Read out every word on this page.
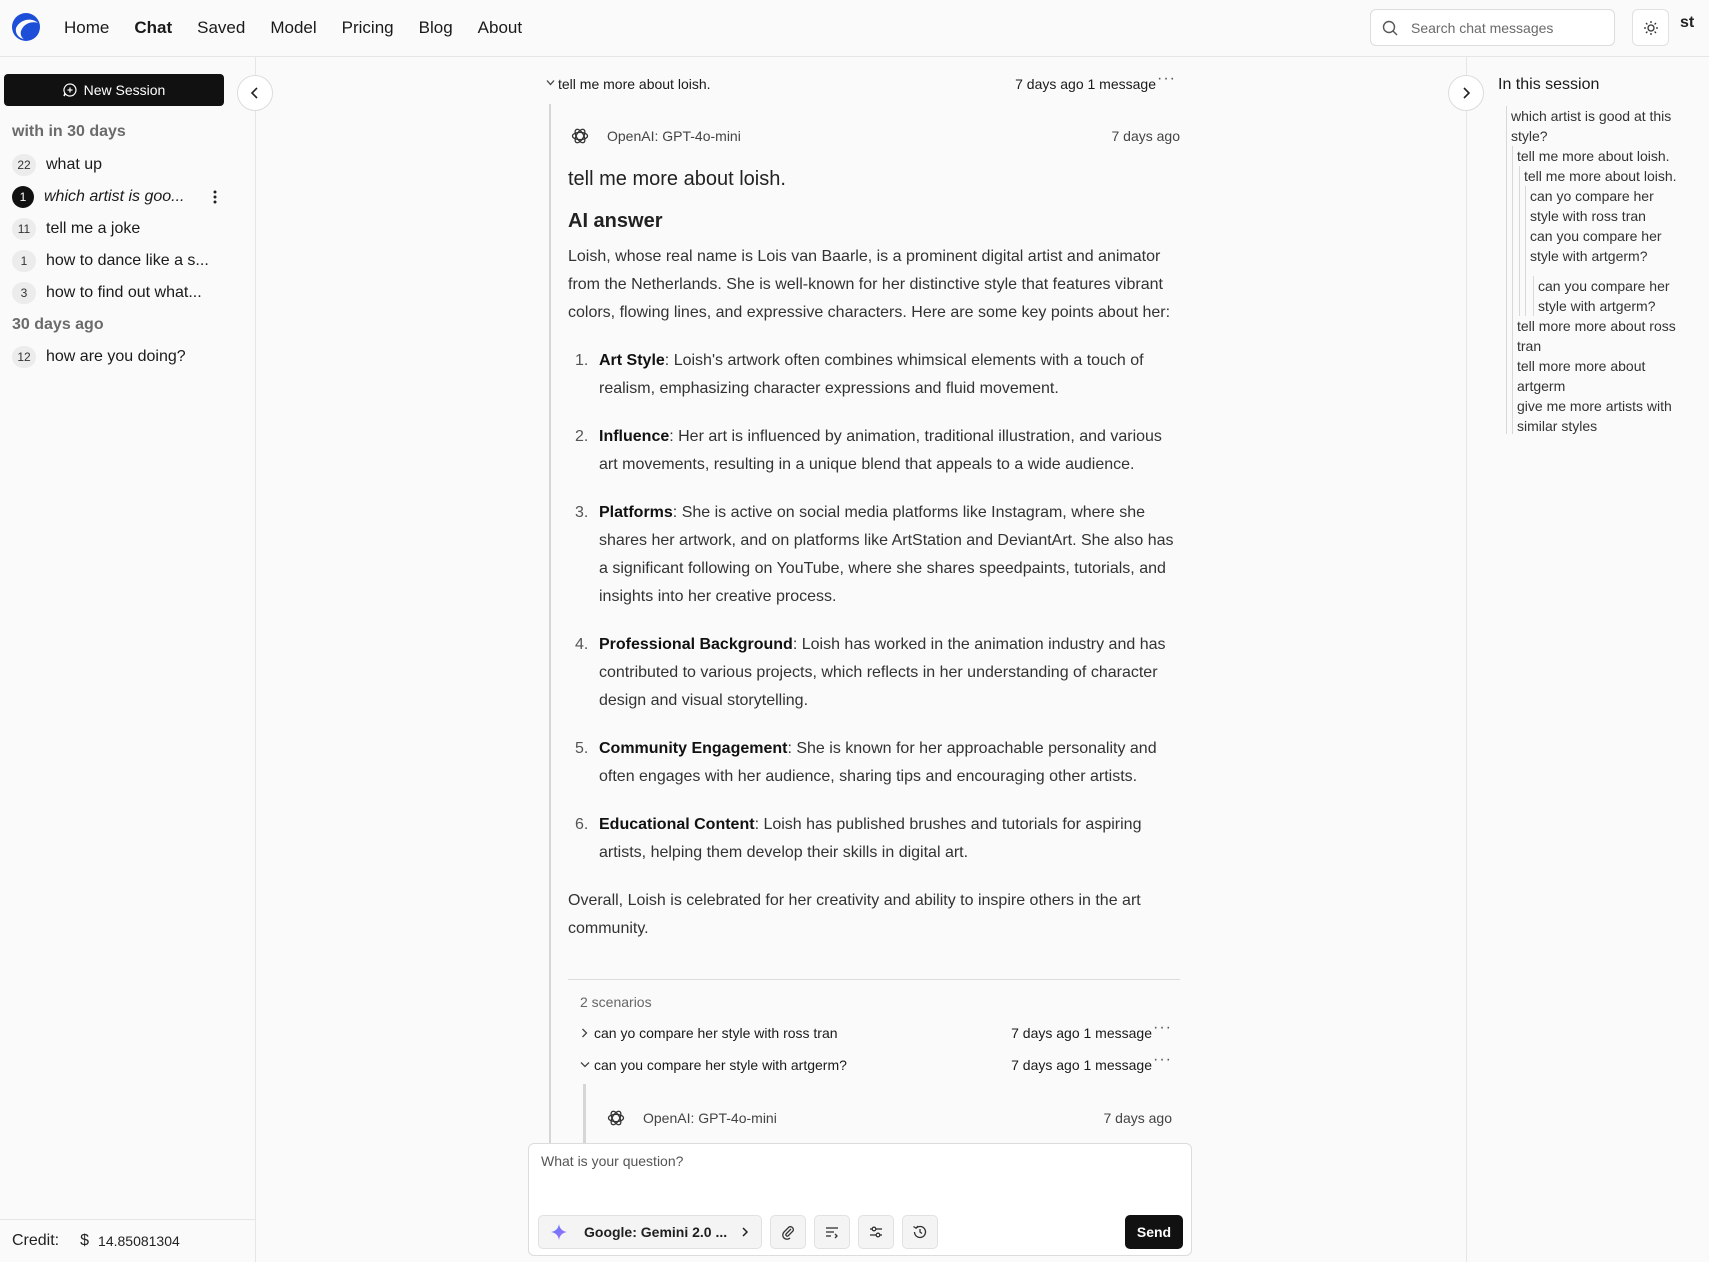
Home Chat Saved Model Pricing Blog About
Search chat messages	st
New Session
with in 30 days
22 what up
1	which artist is goo...
11 tell me a joke
1	how to dance like a s...
3	how to find out what...
30 days ago
12 how are you doing?
Credit: $ 14.85081304
tell me more about loish.	7 days ago 1 message ···
OpenAI: GPT-4o-mini	7 days ago
tell me more about loish.
AI answer

Loish, whose real name is Lois van Baarle, is a prominent digital artist and animator from the Netherlands. She is well-known for her distinctive style that features vibrant colors, flowing lines, and expressive characters. Here are some key points about her:

1. Art Style: Loish's artwork often combines whimsical elements with a touch of realism, emphasizing character expressions and fluid movement.
2. Influence: Her art is influenced by animation, traditional illustration, and various art movements, resulting in a unique blend that appeals to a wide audience.
3. Platforms: She is active on social media platforms like Instagram, where she shares her artwork, and on platforms like ArtStation and DeviantArt. She also has a significant following on YouTube, where she shares speedpaints, tutorials, and insights into her creative process.
4. Professional Background: Loish has worked in the animation industry and has contributed to various projects, which reflects in her understanding of character design and visual storytelling.
5. Community Engagement: She is known for her approachable personality and often engages with her audience, sharing tips and encouraging other artists.
6. Educational Content: Loish has published brushes and tutorials for aspiring artists, helping them develop their skills in digital art.

Overall, Loish is celebrated for her creativity and ability to inspire others in the art community.

2 scenarios
can yo compare her style with ross tran	7 days ago 1 message ···
can you compare her style with artgerm?	7 days ago 1 message ···
OpenAI: GPT-4o-mini	7 days ago
What is your question?
Google: Gemini 2.0 ...	Send
In this session
which artist is good at this style?
tell me more about loish.
tell me more about loish.
can yo compare her style with ross tran
can you compare her style with artgerm?
can you compare her style with artgerm?
tell more more about ross tran
tell more more about artgerm
give me more artists with similar styles
